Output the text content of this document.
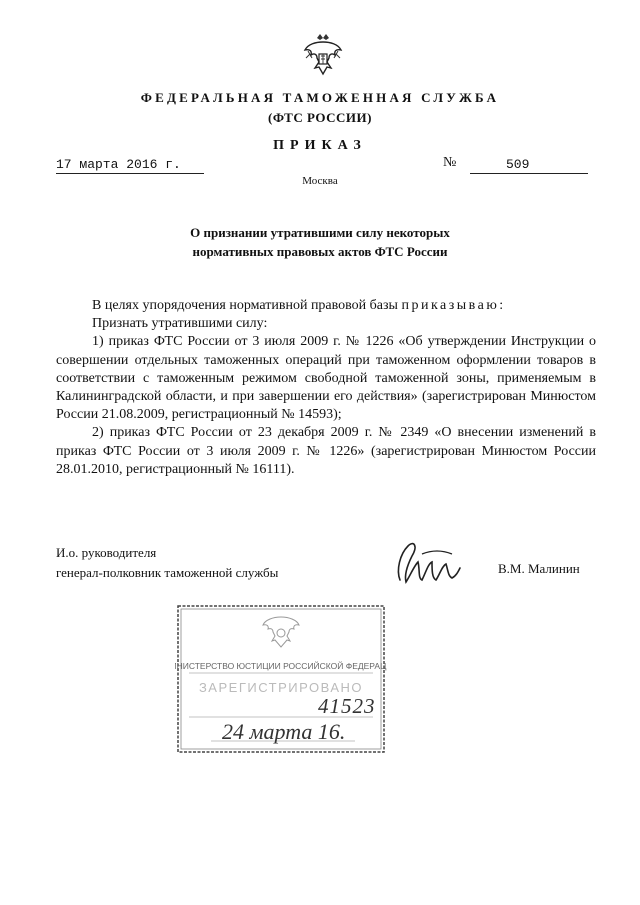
ФЕДЕРАЛЬНАЯ ТАМОЖЕННАЯ СЛУЖБА
(ФТС РОССИИ)
ПРИКАЗ
17 марта 2016 г.	№	509
Москва
О признании утратившими силу некоторых
нормативных правовых актов ФТС России

В целях упорядочения нормативной правовой базы приказываю:

Признать утратившими силу:

1) приказ ФТС России от 3 июля 2009 г. № 1226 «Об утверждении Инструкции о совершении отдельных таможенных операций при таможенном оформлении товаров в соответствии с таможенным режимом свободной таможенной зоны, применяемым в Калининградской области, и при завершении его действия» (зарегистрирован Минюстом России 21.08.2009, регистрационный № 14593);

2) приказ ФТС России от 23 декабря 2009 г. № 2349 «О внесении изменений в приказ ФТС России от 3 июля 2009 г. № 1226» (зарегистрирован Минюстом России 28.01.2010, регистрационный № 16111).

И.о. руководителя
генерал-полковник таможенной службы	В.М. Малинин
МИНИСТЕРСТВО ЮСТИЦИИ РОССИЙСКОЙ ФЕДЕРАЦИИ
ЗАРЕГИСТРИРОВАНО
41523
24 марта 16.
